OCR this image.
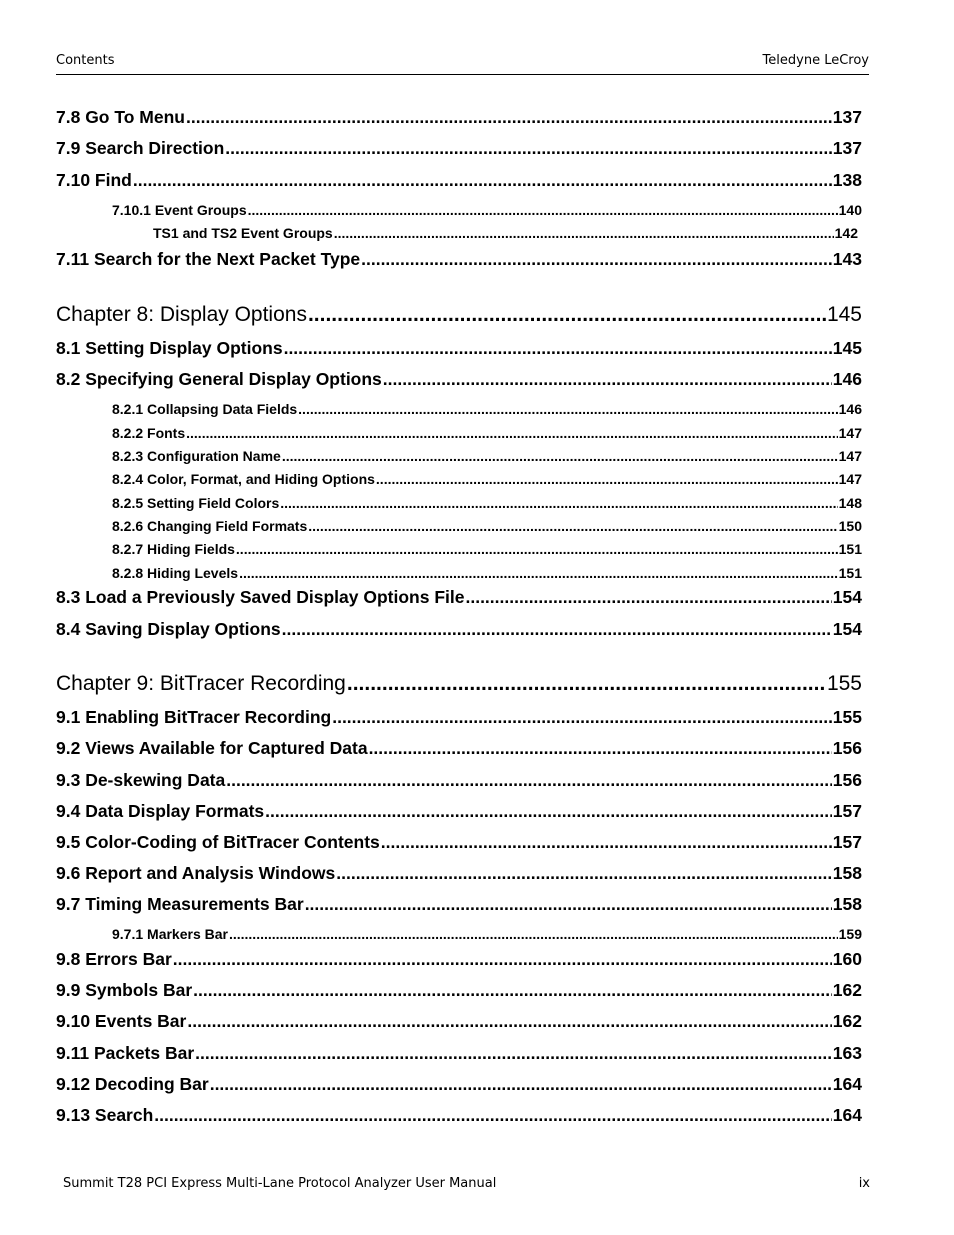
Contents	Teledyne LeCroy
7.8 Go To Menu .....	137
7.9 Search Direction .....	137
7.10 Find .....	138
7.10.1 Event Groups .....	140
TS1 and TS2 Event Groups .....	142
7.11 Search for the Next Packet Type .....	143
Chapter 8: Display Options .....	145
8.1 Setting Display Options .....	145
8.2 Specifying General Display Options .....	146
8.2.1 Collapsing Data Fields .....	146
8.2.2 Fonts .....	147
8.2.3 Configuration Name .....	147
8.2.4 Color, Format, and Hiding Options .....	147
8.2.5 Setting Field Colors .....	148
8.2.6 Changing Field Formats .....	150
8.2.7 Hiding Fields .....	151
8.2.8 Hiding Levels .....	151
8.3 Load a Previously Saved Display Options File .....	154
8.4 Saving Display Options .....	154
Chapter 9: BitTracer Recording .....	155
9.1 Enabling BitTracer Recording .....	155
9.2 Views Available for Captured Data .....	156
9.3 De-skewing Data .....	156
9.4 Data Display Formats .....	157
9.5 Color-Coding of BitTracer Contents .....	157
9.6 Report and Analysis Windows .....	158
9.7 Timing Measurements Bar .....	158
9.7.1 Markers Bar .....	159
9.8 Errors Bar .....	160
9.9 Symbols Bar .....	162
9.10 Events Bar .....	162
9.11 Packets Bar .....	163
9.12 Decoding Bar .....	164
9.13 Search .....	164
Summit T28 PCI Express Multi-Lane Protocol Analyzer User Manual	ix
